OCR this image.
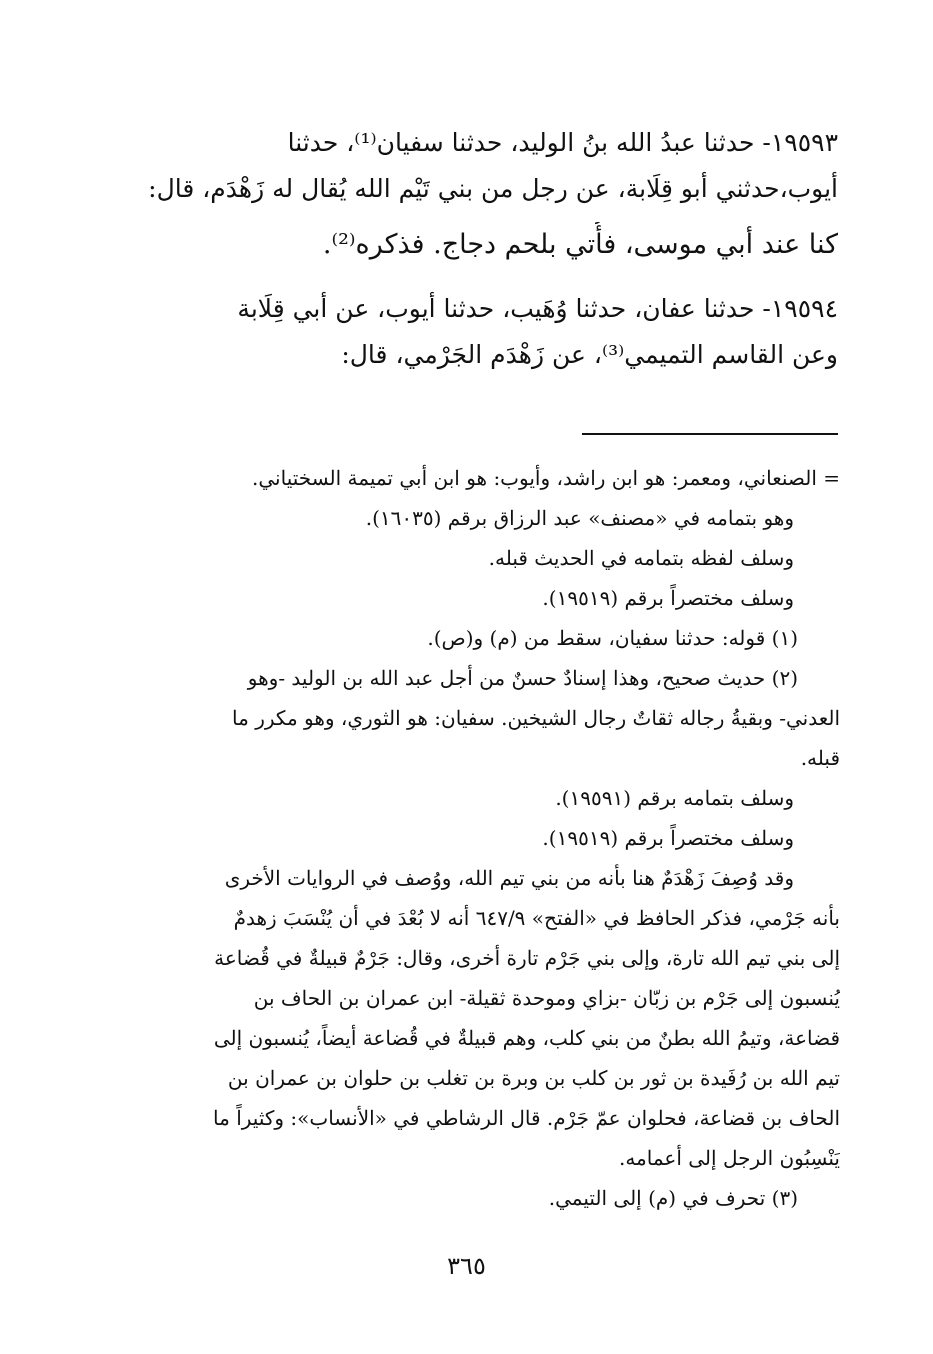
١٩٥٩٣- حدثنا عبدُ الله بنُ الوليد، حدثنا سفيان⁽¹⁾، حدثنا
أيوب،حدثني أبو قِلَابة، عن رجل من بني تَيْم الله يُقال له زَهْدَم، قال:
كنا عند أبي موسى، فأُتي بلحم دجاج. فذكره⁽²⁾.
١٩٥٩٤- حدثنا عفان، حدثنا وُهَيب، حدثنا أيوب، عن أبي قِلَابة
وعن القاسم التميمي⁽³⁾، عن زَهْدَم الجَرْمي، قال:
= الصنعاني، ومعمر: هو ابن راشد، وأيوب: هو ابن أبي تميمة السختياني.
وهو بتمامه في «مصنف» عبد الرزاق برقم (١٦٠٣٥).
وسلف لفظه بتمامه في الحديث قبله.
وسلف مختصراً برقم (١٩٥١٩).
(١) قوله: حدثنا سفيان، سقط من (م) و(ص).
(٢) حديث صحيح، وهذا إسنادٌ حسنٌ من أجل عبد الله بن الوليد -وهو
العدني- وبقيةُ رجاله ثقاتٌ رجال الشيخين. سفيان: هو الثوري، وهو مكرر ما
قبله.
وسلف بتمامه برقم (١٩٥٩١).
وسلف مختصراً برقم (١٩٥١٩).
وقد وُصِفَ زَهْدَمٌ هنا بأنه من بني تيم الله، ووُصف في الروايات الأخرى
بأنه جَرْمي، فذكر الحافظ في «الفتح» ٦٤٧/٩ أنه لا بُعْدَ في أن يُنْسَبَ زهدمٌ
إلى بني تيم الله تارة، وإلى بني جَرْم تارة أخرى، وقال: جَرْمٌ قبيلةٌ في قُضاعة
يُنسبون إلى جَرْم بن زبّان -بزاي وموحدة ثقيلة- ابن عمران بن الحاف بن
قضاعة، وتيمُ الله بطنٌ من بني كلب، وهم قبيلةٌ في قُضاعة أيضاً، يُنسبون إلى
تيم الله بن رُفَيدة بن ثور بن كلب بن وبرة بن تغلب بن حلوان بن عمران بن
الحاف بن قضاعة، فحلوان عمّ جَرْم. قال الرشاطي في «الأنساب»: وكثيراً ما
يَنْسِبُون الرجل إلى أعمامه.
(٣) تحرف في (م) إلى التيمي.
٣٦٥
